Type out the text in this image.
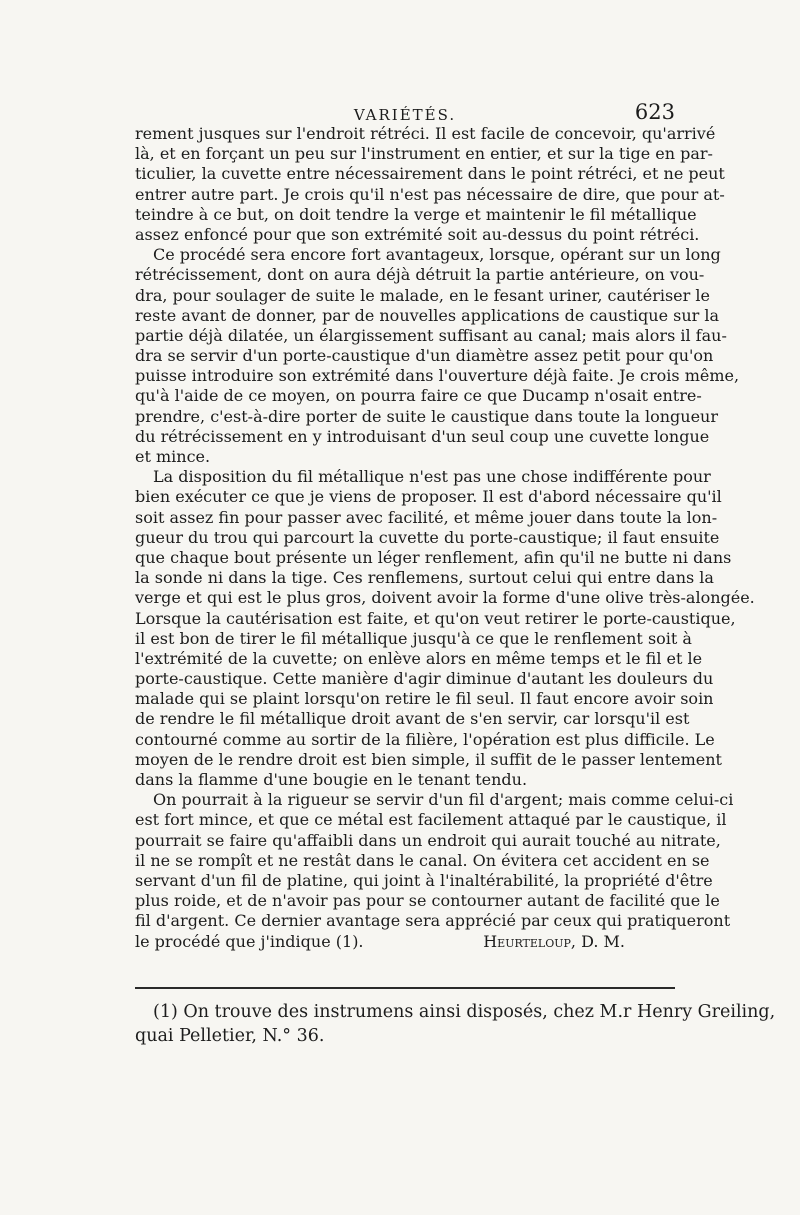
VARIÉTÉS.	623
rement jusques sur l'endroit rétréci. Il est facile de concevoir, qu'arrivé
là, et en forçant un peu sur l'instrument en entier, et sur la tige en par-
ticulier, la cuvette entre nécessairement dans le point rétréci, et ne peut
entrer autre part. Je crois qu'il n'est pas nécessaire de dire, que pour at-
teindre à ce but, on doit tendre la verge et maintenir le fil métallique
assez enfoncé pour que son extrémité soit au-dessus du point rétréci.
Ce procédé sera encore fort avantageux, lorsque, opérant sur un long
rétrécissement, dont on aura déjà détruit la partie antérieure, on vou-
dra, pour soulager de suite le malade, en le fesant uriner, cautériser le
reste avant de donner, par de nouvelles applications de caustique sur la
partie déjà dilatée, un élargissement suffisant au canal; mais alors il fau-
dra se servir d'un porte-caustique d'un diamètre assez petit pour qu'on
puisse introduire son extrémité dans l'ouverture déjà faite. Je crois même,
qu'à l'aide de ce moyen, on pourra faire ce que Ducamp n'osait entre-
prendre, c'est-à-dire porter de suite le caustique dans toute la longueur
du rétrécissement en y introduisant d'un seul coup une cuvette longue
et mince.
La disposition du fil métallique n'est pas une chose indifférente pour
bien exécuter ce que je viens de proposer. Il est d'abord nécessaire qu'il
soit assez fin pour passer avec facilité, et même jouer dans toute la lon-
gueur du trou qui parcourt la cuvette du porte-caustique; il faut ensuite
que chaque bout présente un léger renflement, afin qu'il ne butte ni dans
la sonde ni dans la tige. Ces renflemens, surtout celui qui entre dans la
verge et qui est le plus gros, doivent avoir la forme d'une olive très-alongée.
Lorsque la cautérisation est faite, et qu'on veut retirer le porte-caustique,
il est bon de tirer le fil métallique jusqu'à ce que le renflement soit à
l'extrémité de la cuvette; on enlève alors en même temps et le fil et le
porte-caustique. Cette manière d'agir diminue d'autant les douleurs du
malade qui se plaint lorsqu'on retire le fil seul. Il faut encore avoir soin
de rendre le fil métallique droit avant de s'en servir, car lorsqu'il est
contourné comme au sortir de la filière, l'opération est plus difficile. Le
moyen de le rendre droit est bien simple, il suffit de le passer lentement
dans la flamme d'une bougie en le tenant tendu.
On pourrait à la rigueur se servir d'un fil d'argent; mais comme celui-ci
est fort mince, et que ce métal est facilement attaqué par le caustique, il
pourrait se faire qu'affaibli dans un endroit qui aurait touché au nitrate,
il ne se rompît et ne restât dans le canal. On évitera cet accident en se
servant d'un fil de platine, qui joint à l'inaltérabilité, la propriété d'être
plus roide, et de n'avoir pas pour se contourner autant de facilité que le
fil d'argent. Ce dernier avantage sera apprécié par ceux qui pratiqueront
le procédé que j'indique (1).	Heurteloup, D. M.
(1) On trouve des instrumens ainsi disposés, chez M.r Henry Greiling,
quai Pelletier, N.° 36.
